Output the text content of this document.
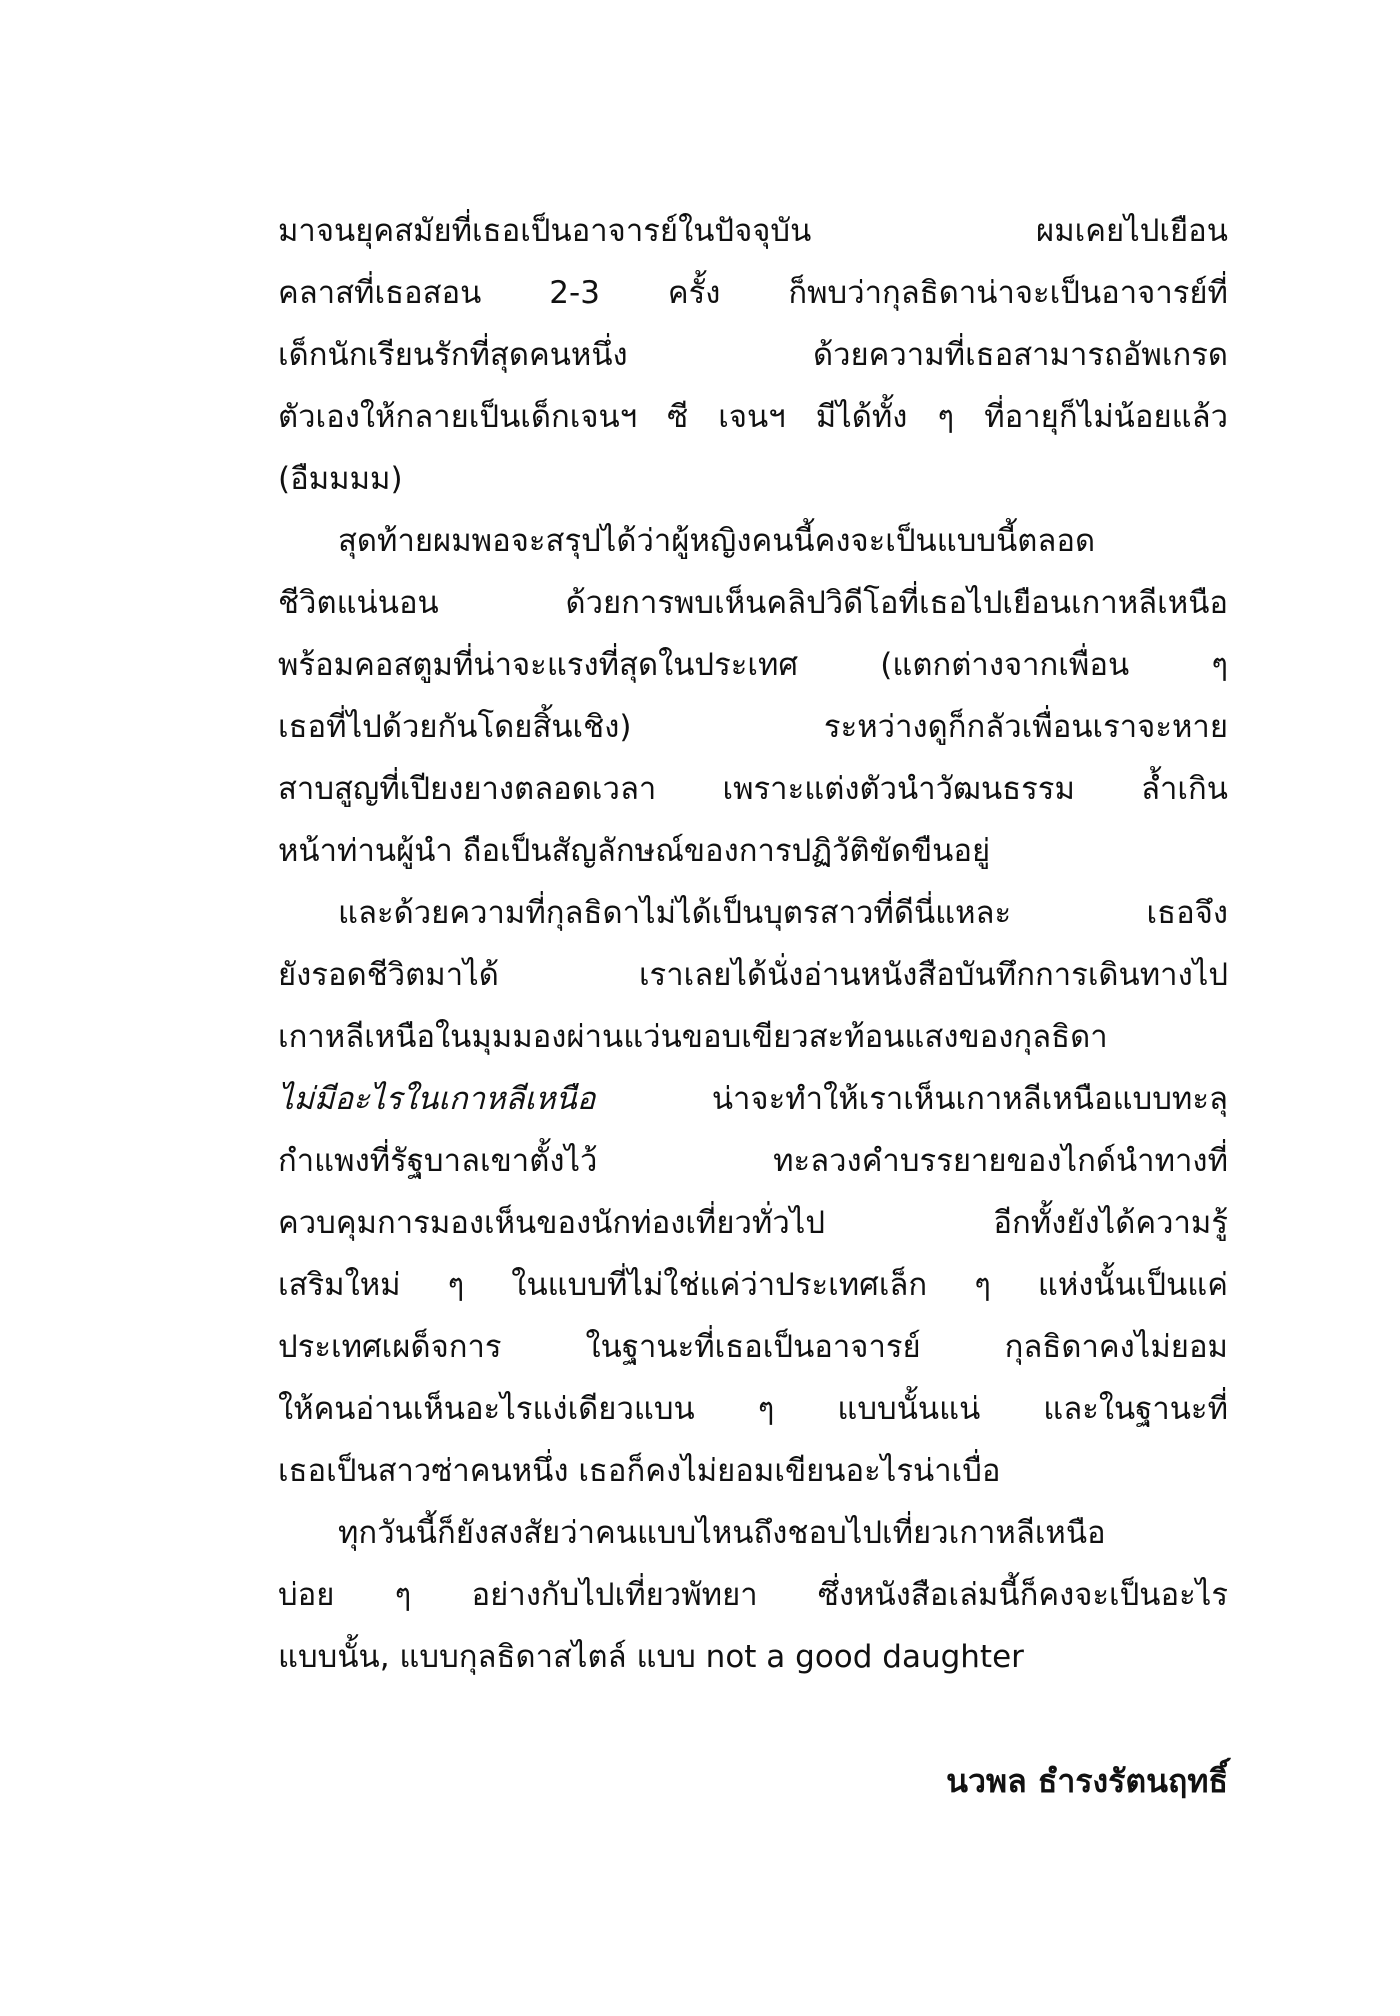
มาจนยุคสมัยที่เธอเป็นอาจารย์ในปัจจุบัน ผมเคยไปเยือน
คลาสที่เธอสอน 2-3 ครั้ง ก็พบว่ากุลธิดาน่าจะเป็นอาจารย์ที่
เด็กนักเรียนรักที่สุดคนหนึ่ง ด้วยความที่เธอสามารถอัพเกรด
ตัวเองให้กลายเป็นเด็กเจนฯ ซี เจนฯ มีได้ทั้ง ๆ ที่อายุก็ไม่น้อยแล้ว
(อืมมมม)
สุดท้ายผมพอจะสรุปได้ว่าผู้หญิงคนนี้คงจะเป็นแบบนี้ตลอด
ชีวิตแน่นอน ด้วยการพบเห็นคลิปวิดีโอที่เธอไปเยือนเกาหลีเหนือ
พร้อมคอสตูมที่น่าจะแรงที่สุดในประเทศ (แตกต่างจากเพื่อน ๆ
เธอที่ไปด้วยกันโดยสิ้นเชิง) ระหว่างดูก็กลัวเพื่อนเราจะหาย
สาบสูญที่เปียงยางตลอดเวลา เพราะแต่งตัวนำวัฒนธรรม ล้ำเกิน
หน้าท่านผู้นำ ถือเป็นสัญลักษณ์ของการปฏิวัติขัดขืนอยู่
และด้วยความที่กุลธิดาไม่ได้เป็นบุตรสาวที่ดีนี่แหละ เธอจึง
ยังรอดชีวิตมาได้ เราเลยได้นั่งอ่านหนังสือบันทึกการเดินทางไป
เกาหลีเหนือในมุมมองผ่านแว่นขอบเขียวสะท้อนแสงของกุลธิดา
ไม่มีอะไรในเกาหลีเหนือ	น่าจะทำให้เราเห็นเกาหลีเหนือแบบทะลุ
กำแพงที่รัฐบาลเขาตั้งไว้ ทะลวงคำบรรยายของไกด์นำทางที่
ควบคุมการมองเห็นของนักท่องเที่ยวทั่วไป อีกทั้งยังได้ความรู้
เสริมใหม่ ๆ ในแบบที่ไม่ใช่แค่ว่าประเทศเล็ก ๆ แห่งนั้นเป็นแค่
ประเทศเผด็จการ ในฐานะที่เธอเป็นอาจารย์ กุลธิดาคงไม่ยอม
ให้คนอ่านเห็นอะไรแง่เดียวแบน ๆ แบบนั้นแน่ และในฐานะที่
เธอเป็นสาวซ่าคนหนึ่ง เธอก็คงไม่ยอมเขียนอะไรน่าเบื่อ
ทุกวันนี้ก็ยังสงสัยว่าคนแบบไหนถึงชอบไปเที่ยวเกาหลีเหนือ
บ่อย ๆ อย่างกับไปเที่ยวพัทยา ซึ่งหนังสือเล่มนี้ก็คงจะเป็นอะไร
แบบนั้น, แบบกุลธิดาสไตล์ แบบ not a good daughter
นวพล ธำรงรัตนฤทธิ์
